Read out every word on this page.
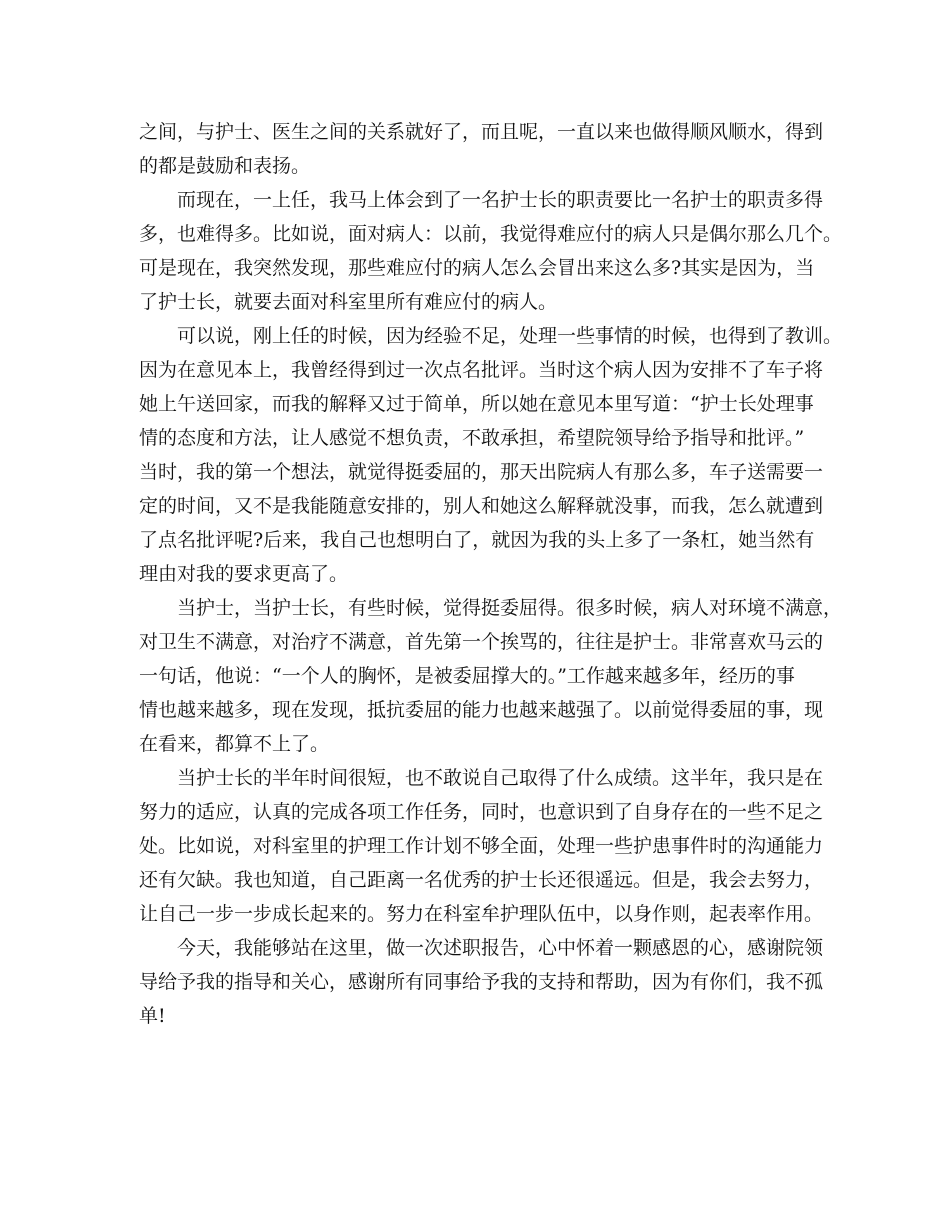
之间，与护士、医生之间的关系就好了，而且呢，一直以来也做得顺风顺水，得到
的都是鼓励和表扬。
而现在，一上任，我马上体会到了一名护士长的职责要比一名护士的职责多得
多，也难得多。比如说，面对病人：以前，我觉得难应付的病人只是偶尔那么几个。
可是现在，我突然发现，那些难应付的病人怎么会冒出来这么多?其实是因为，当
了护士长，就要去面对科室里所有难应付的病人。
可以说，刚上任的时候，因为经验不足，处理一些事情的时候，也得到了教训。
因为在意见本上，我曾经得到过一次点名批评。当时这个病人因为安排不了车子将
她上午送回家，而我的解释又过于简单，所以她在意见本里写道：“护士长处理事
情的态度和方法，让人感觉不想负责，不敢承担，希望院领导给予指导和批评。”
当时，我的第一个想法，就觉得挺委屈的，那天出院病人有那么多，车子送需要一
定的时间，又不是我能随意安排的，别人和她这么解释就没事，而我，怎么就遭到
了点名批评呢?后来，我自己也想明白了，就因为我的头上多了一条杠，她当然有
理由对我的要求更高了。
当护士，当护士长，有些时候，觉得挺委屈得。很多时候，病人对环境不满意，
对卫生不满意，对治疗不满意，首先第一个挨骂的，往往是护士。非常喜欢马云的
一句话，他说：“一个人的胸怀，是被委屈撑大的。”工作越来越多年，经历的事
情也越来越多，现在发现，抵抗委屈的能力也越来越强了。以前觉得委屈的事，现
在看来，都算不上了。
当护士长的半年时间很短，也不敢说自己取得了什么成绩。这半年，我只是在
努力的适应，认真的完成各项工作任务，同时，也意识到了自身存在的一些不足之
处。比如说，对科室里的护理工作计划不够全面，处理一些护患事件时的沟通能力
还有欠缺。我也知道，自己距离一名优秀的护士长还很遥远。但是，我会去努力，
让自己一步一步成长起来的。努力在科室牟护理队伍中，以身作则，起表率作用。
今天，我能够站在这里，做一次述职报告，心中怀着一颗感恩的心，感谢院领
导给予我的指导和关心，感谢所有同事给予我的支持和帮助，因为有你们，我不孤
单!
